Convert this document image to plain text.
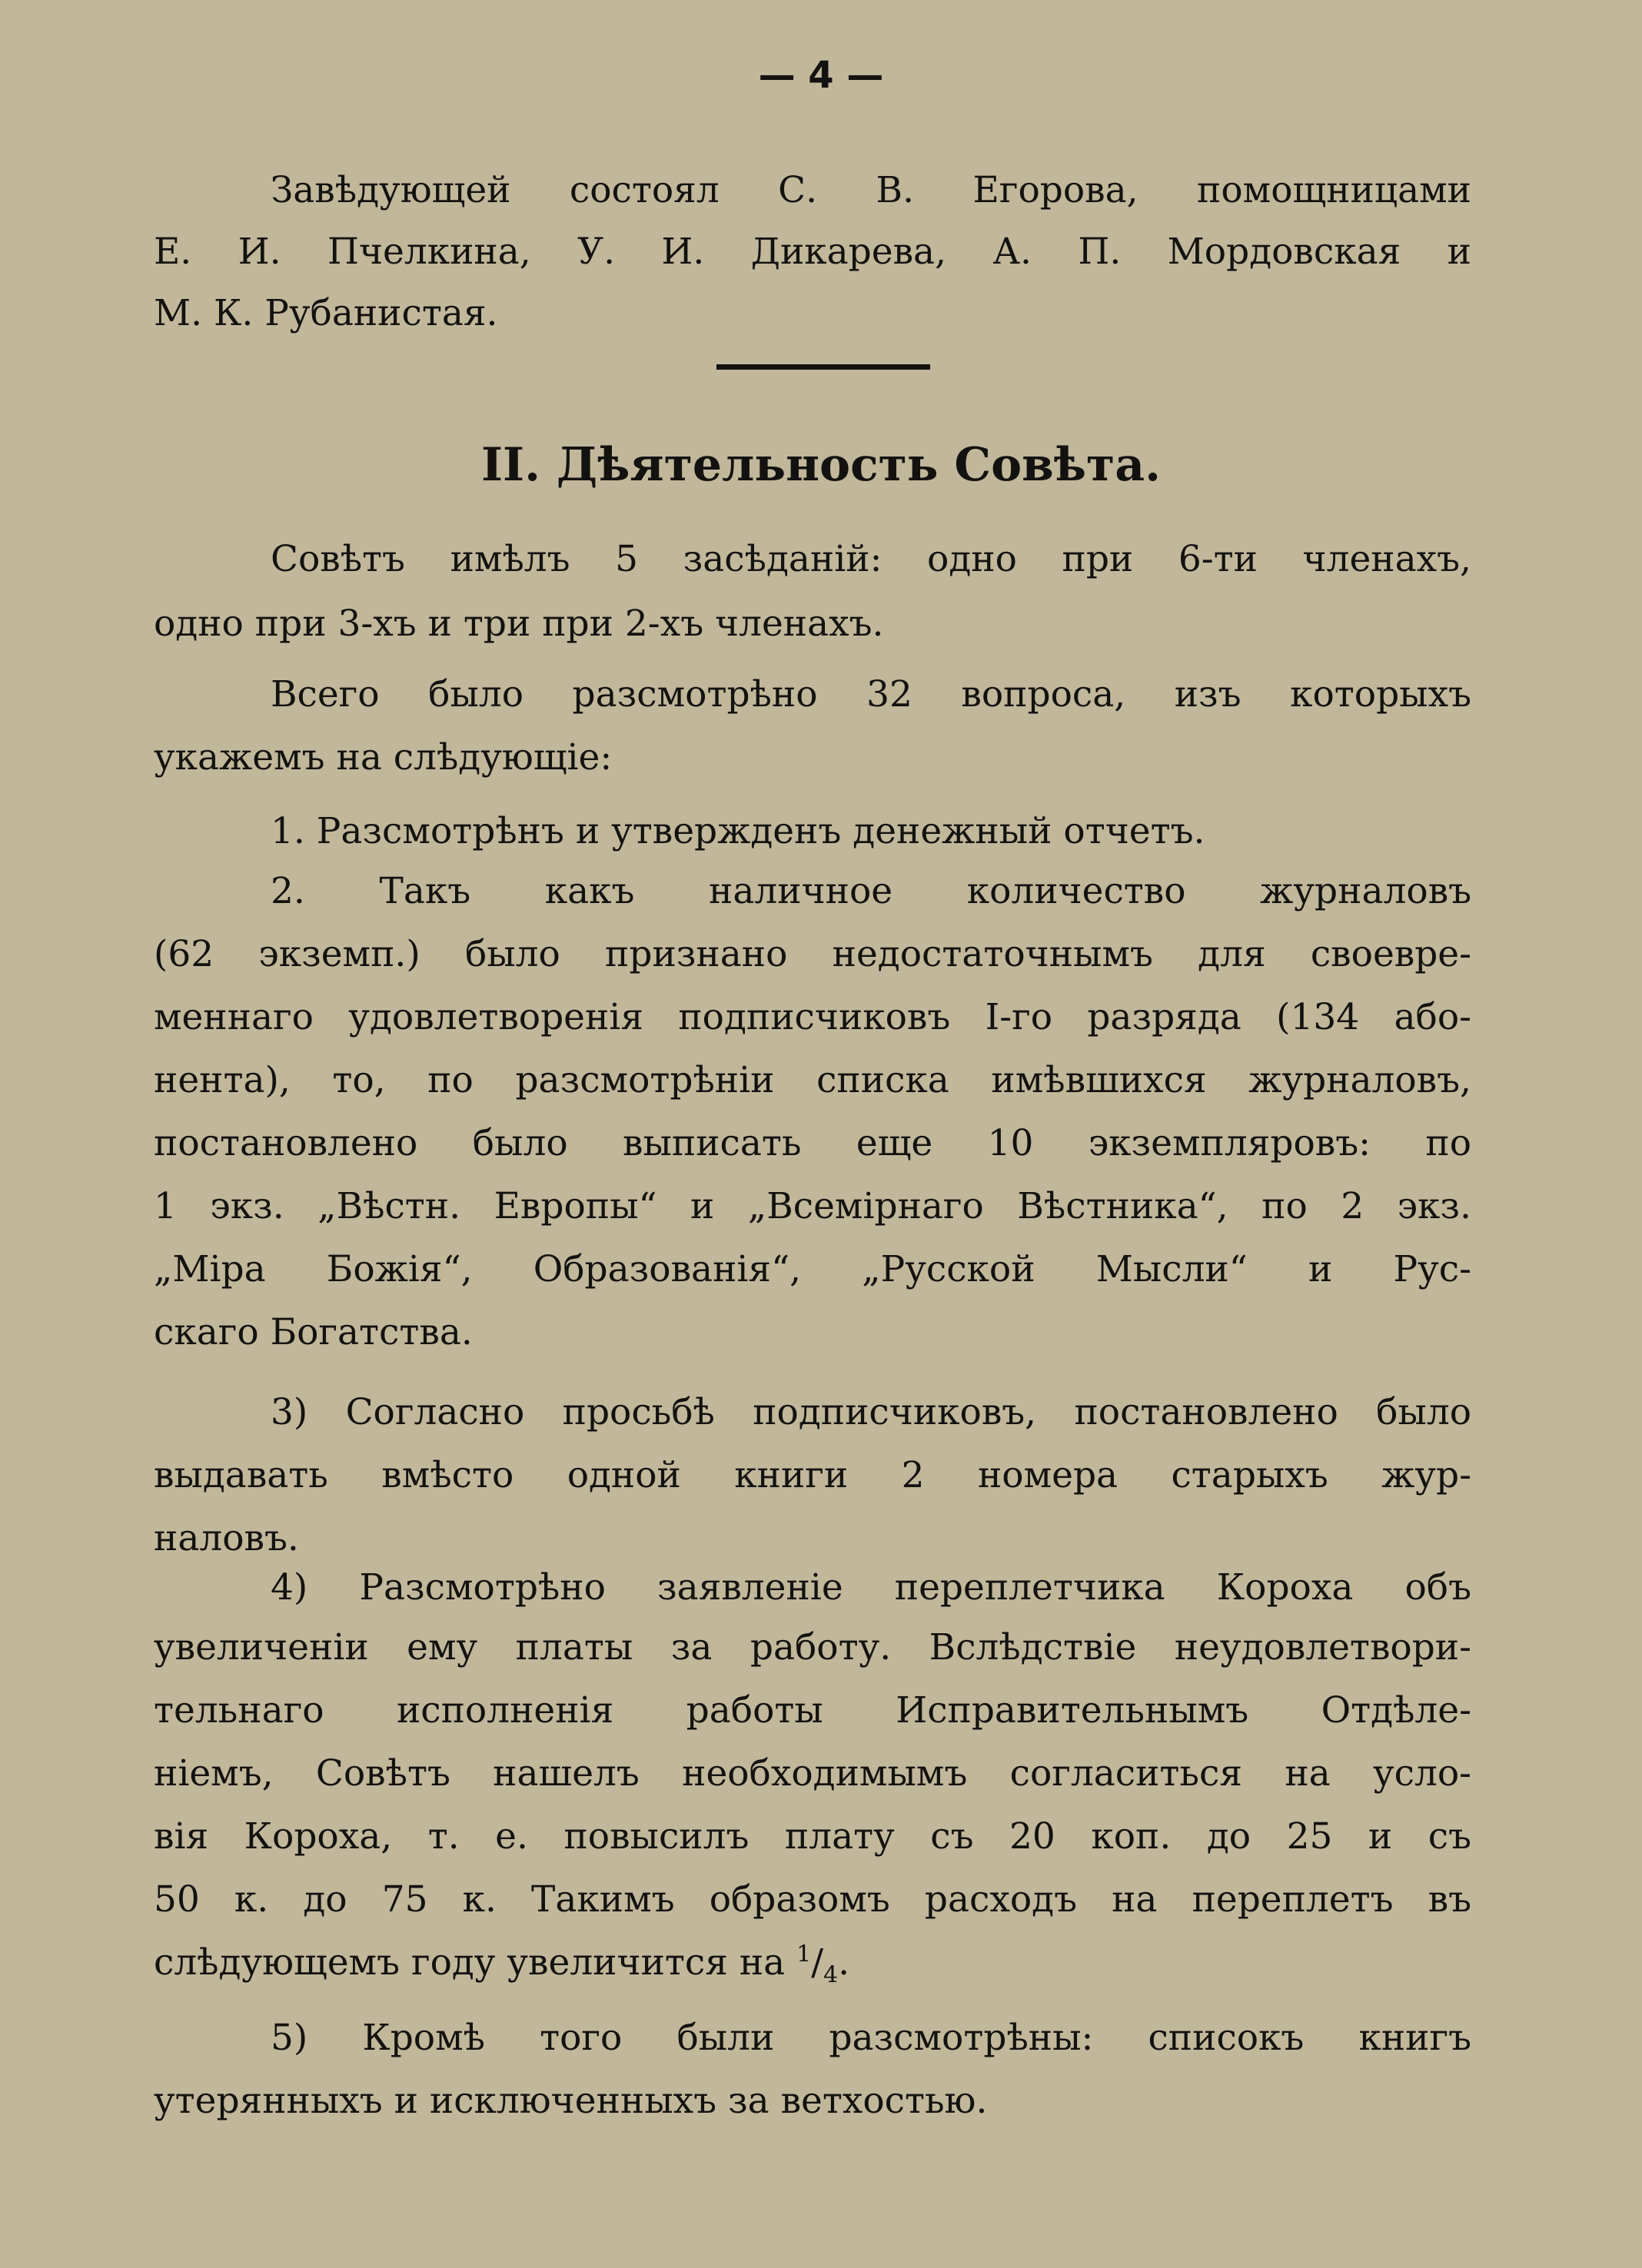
— 4 —
Завѣдующей состоял С. В. Егорова, помощницами
Е. И. Пчелкина, У. И. Дикарева, А. П. Мордовская и
М. К. Рубанистая.
II. Дѣятельность Совѣта.
Совѣтъ имѣлъ 5 засѣданій: одно при 6-ти членахъ,
одно при 3-хъ и три при 2-хъ членахъ.
Всего было разсмотрѣно 32 вопроса, изъ которыхъ
укажемъ на слѣдующіе:
1. Разсмотрѣнъ и утвержденъ денежный отчетъ.
2. Такъ какъ наличное количество журналовъ
(62 экземп.) было признано недостаточнымъ для своевре-
меннаго удовлетворенія подписчиковъ I-го разряда (134 або-
нента), то, по разсмотрѣніи списка имѣвшихся журналовъ,
постановлено было выписать еще 10 экземпляровъ: по
1 экз. „Вѣстн. Европы“ и „Всемірнаго Вѣстника“, по 2 экз.
„Міра Божія“, Образованія“, „Русской Мысли“ и Рус-
скаго Богатства.
3) Согласно просьбѣ подписчиковъ, постановлено было
выдавать вмѣсто одной книги 2 номера старыхъ жур-
наловъ.
4) Разсмотрѣно заявленіе переплетчика Короха объ
увеличеніи ему платы за работу. Вслѣдствіе неудовлетвори-
тельнаго исполненія работы Исправительнымъ Отдѣле-
ніемъ, Совѣтъ нашелъ необходимымъ согласиться на усло-
вія Короха, т. е. повысилъ плату съ 20 коп. до 25 и съ
50 к. до 75 к. Такимъ образомъ расходъ на переплетъ въ
слѣдующемъ году увеличится на $^1/_4$.
5) Кромѣ того были разсмотрѣны: списокъ книгъ
утерянныхъ и исключенныхъ за ветхостью.
